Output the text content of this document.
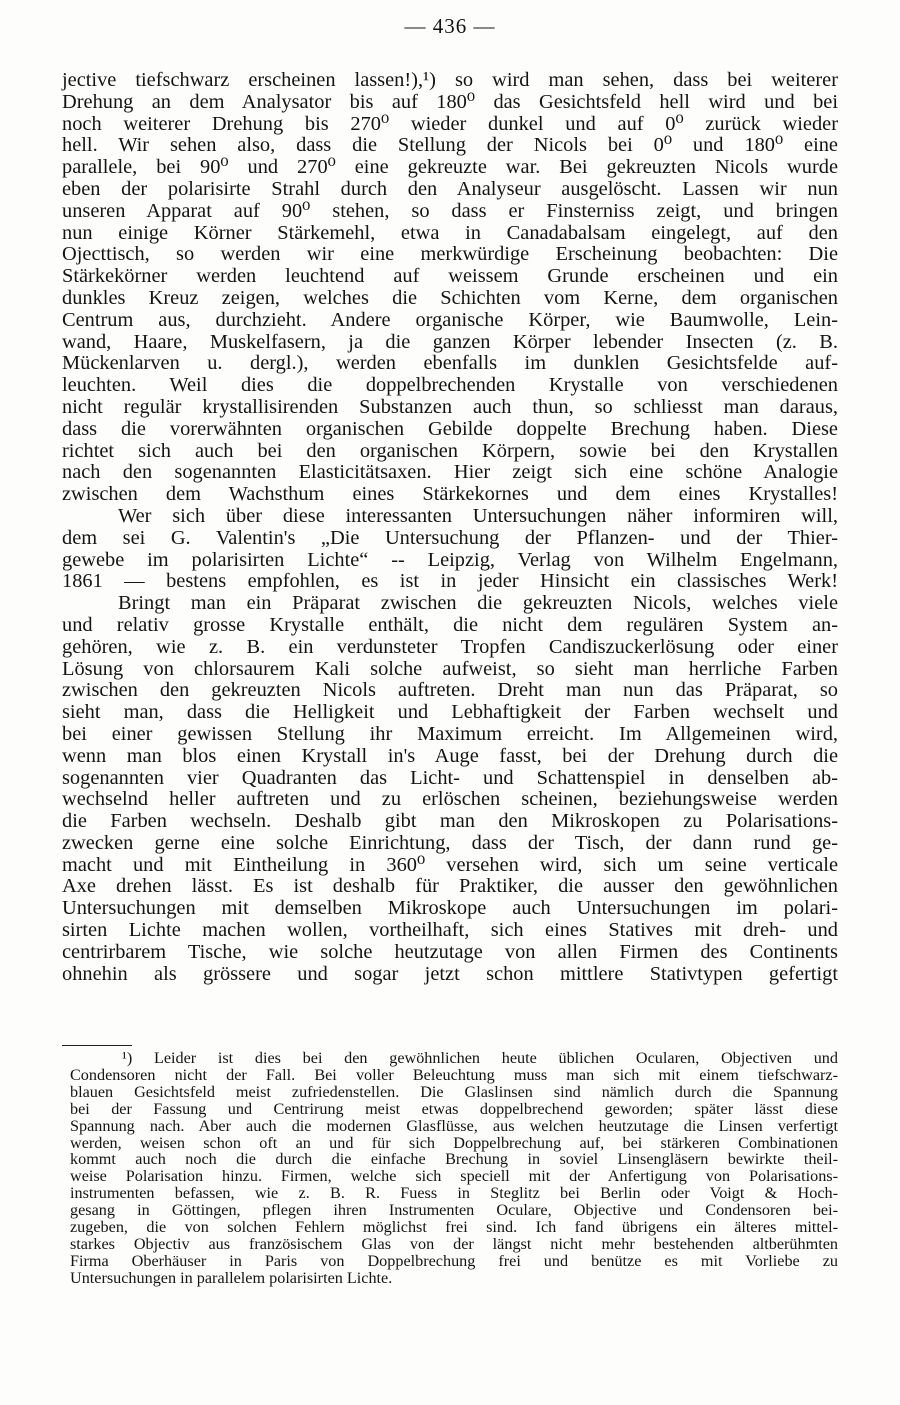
— 436 —
jective tiefschwarz erscheinen lassen!),¹) so wird man sehen, dass bei weiterer
Drehung an dem Analysator bis auf 180⁰ das Gesichtsfeld hell wird und bei
noch weiterer Drehung bis 270⁰ wieder dunkel und auf 0⁰ zurück wieder
hell. Wir sehen also, dass die Stellung der Nicols bei 0⁰ und 180⁰ eine
parallele, bei 90⁰ und 270⁰ eine gekreuzte war. Bei gekreuzten Nicols wurde
eben der polarisirte Strahl durch den Analyseur ausgelöscht. Lassen wir nun
unseren Apparat auf 90⁰ stehen, so dass er Finsterniss zeigt, und bringen
nun einige Körner Stärkemehl, etwa in Canadabalsam eingelegt, auf den
Ojecttisch, so werden wir eine merkwürdige Erscheinung beobachten: Die
Stärkekörner werden leuchtend auf weissem Grunde erscheinen und ein
dunkles Kreuz zeigen, welches die Schichten vom Kerne, dem organischen
Centrum aus, durchzieht. Andere organische Körper, wie Baumwolle, Lein-
wand, Haare, Muskelfasern, ja die ganzen Körper lebender Insecten (z. B.
Mückenlarven u. dergl.), werden ebenfalls im dunklen Gesichtsfelde auf-
leuchten. Weil dies die doppelbrechenden Krystalle von verschiedenen
nicht regulär krystallisirenden Substanzen auch thun, so schliesst man daraus,
dass die vorerwähnten organischen Gebilde doppelte Brechung haben. Diese
richtet sich auch bei den organischen Körpern, sowie bei den Krystallen
nach den sogenannten Elasticitätsaxen. Hier zeigt sich eine schöne Analogie
zwischen dem Wachsthum eines Stärkekornes und dem eines Krystalles!
Wer sich über diese interessanten Untersuchungen näher informiren will,
dem sei G. Valentin's „Die Untersuchung der Pflanzen- und der Thier-
gewebe im polarisirten Lichte“ -- Leipzig, Verlag von Wilhelm Engelmann,
1861 — bestens empfohlen, es ist in jeder Hinsicht ein classisches Werk!
Bringt man ein Präparat zwischen die gekreuzten Nicols, welches viele
und relativ grosse Krystalle enthält, die nicht dem regulären System an-
gehören, wie z. B. ein verdunsteter Tropfen Candiszuckerlösung oder einer
Lösung von chlorsaurem Kali solche aufweist, so sieht man herrliche Farben
zwischen den gekreuzten Nicols auftreten. Dreht man nun das Präparat, so
sieht man, dass die Helligkeit und Lebhaftigkeit der Farben wechselt und
bei einer gewissen Stellung ihr Maximum erreicht. Im Allgemeinen wird,
wenn man blos einen Krystall in's Auge fasst, bei der Drehung durch die
sogenannten vier Quadranten das Licht- und Schattenspiel in denselben ab-
wechselnd heller auftreten und zu erlöschen scheinen, beziehungsweise werden
die Farben wechseln. Deshalb gibt man den Mikroskopen zu Polarisations-
zwecken gerne eine solche Einrichtung, dass der Tisch, der dann rund ge-
macht und mit Eintheilung in 360⁰ versehen wird, sich um seine verticale
Axe drehen lässt. Es ist deshalb für Praktiker, die ausser den gewöhnlichen
Untersuchungen mit demselben Mikroskope auch Untersuchungen im polari-
sirten Lichte machen wollen, vortheilhaft, sich eines Statives mit dreh- und
centrirbarem Tische, wie solche heutzutage von allen Firmen des Continents
ohnehin als grössere und sogar jetzt schon mittlere Stativtypen gefertigt
¹) Leider ist dies bei den gewöhnlichen heute üblichen Ocularen, Objectiven und
Condensoren nicht der Fall. Bei voller Beleuchtung muss man sich mit einem tiefschwarz-
blauen Gesichtsfeld meist zufriedenstellen. Die Glaslinsen sind nämlich durch die Spannung
bei der Fassung und Centrirung meist etwas doppelbrechend geworden; später lässt diese
Spannung nach. Aber auch die modernen Glasflüsse, aus welchen heutzutage die Linsen verfertigt
werden, weisen schon oft an und für sich Doppelbrechung auf, bei stärkeren Combinationen
kommt auch noch die durch die einfache Brechung in soviel Linsengläsern bewirkte theil-
weise Polarisation hinzu. Firmen, welche sich speciell mit der Anfertigung von Polarisations-
instrumenten befassen, wie z. B. R. Fuess in Steglitz bei Berlin oder Voigt & Hoch-
gesang in Göttingen, pflegen ihren Instrumenten Oculare, Objective und Condensoren bei-
zugeben, die von solchen Fehlern möglichst frei sind. Ich fand übrigens ein älteres mittel-
starkes Objectiv aus französischem Glas von der längst nicht mehr bestehenden altberühmten
Firma Oberhäuser in Paris von Doppelbrechung frei und benütze es mit Vorliebe zu
Untersuchungen in parallelem polarisirten Lichte.
